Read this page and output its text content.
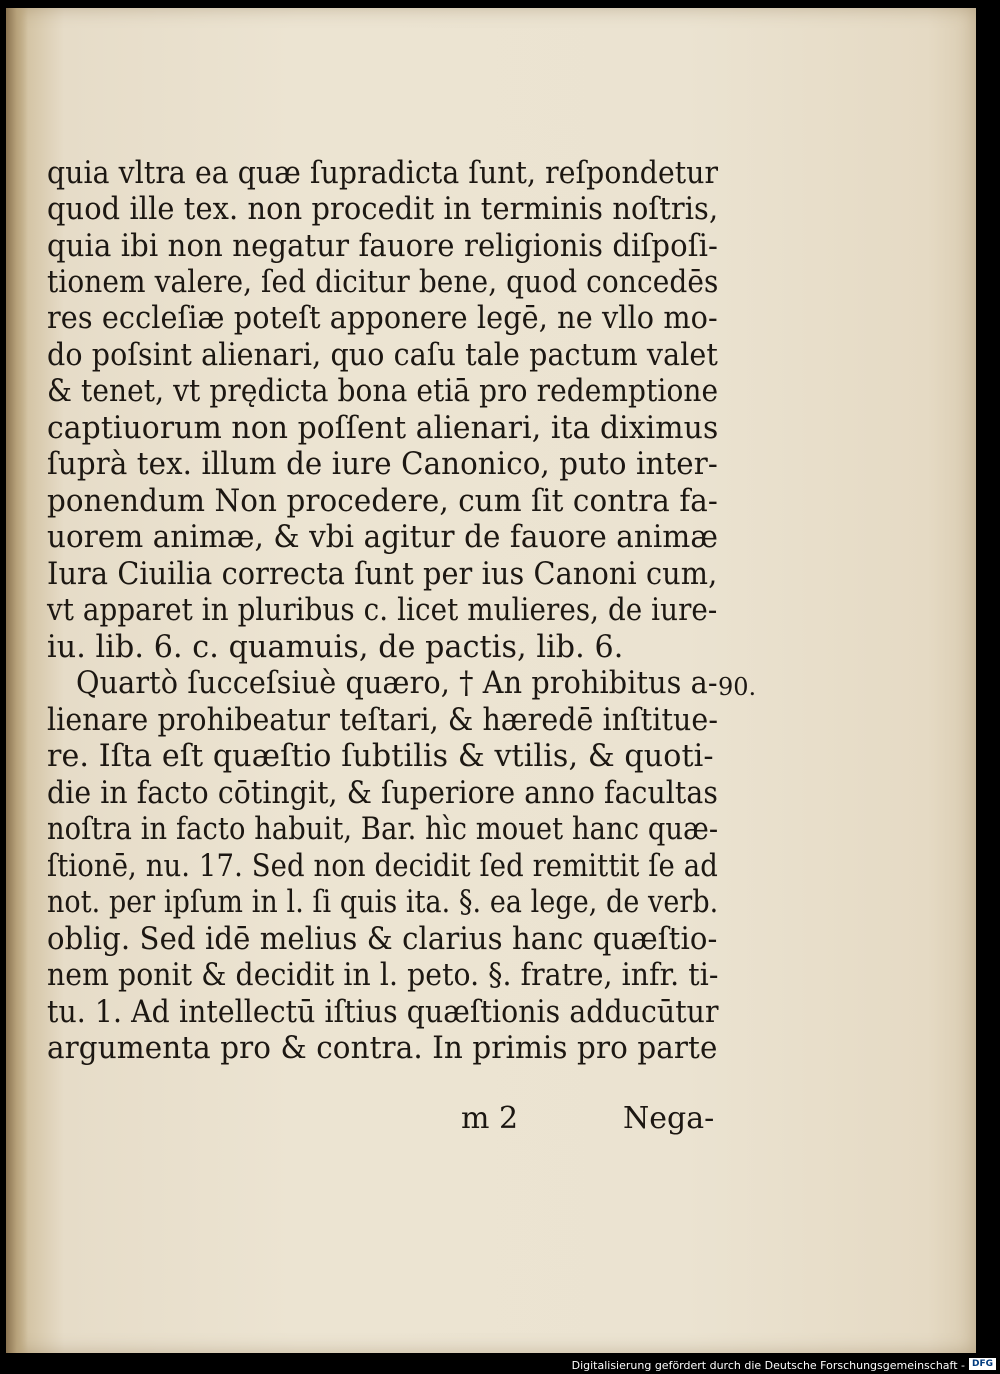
quia vltra ea quæ ſupradicta ſunt, reſpondetur
quod ille tex. non procedit in terminis noſtris,
quia ibi non negatur fauore religionis diſpoſi-
tionem valere, ſed dicitur bene, quod concedēs
res eccleſiæ poteſt apponere legē, ne vllo mo-
do poſsint alienari, quo caſu tale pactum valet
& tenet, vt prędicta bona etiā pro redemptione
captiuorum non poſſent alienari, ita diximus
ſuprà tex. illum de iure Canonico, puto inter-
ponendum Non procedere, cum ſit contra fa-
uorem animæ, & vbi agitur de fauore animæ
Iura Ciuilia correcta ſunt per ius Canoni cum,
vt apparet in pluribus c. licet mulieres, de iure-
iu. lib. 6. c. quamuis, de pactis, lib. 6.
Quartò ſucceſsiuè quæro, † An prohibitus a-
lienare prohibeatur teſtari, & hæredē inſtitue-
re. Iſta eſt quæſtio ſubtilis & vtilis, & quoti-
die in facto cōtingit, & ſuperiore anno facultas
noſtra in facto habuit, Bar. hìc mouet hanc quæ-
ſtionē, nu. 17. Sed non decidit ſed remittit ſe ad
not. per ipſum in l. ſi quis ita. §. ea lege, de verb.
oblig. Sed idē melius & clarius hanc quæſtio-
nem ponit & decidit in l. peto. §. fratre, infr. ti-
tu. 1. Ad intellectū iſtius quæſtionis adducūtur
argumenta pro & contra. In primis pro parte
90.
m 2	Nega-
Digitalisierung gefördert durch die Deutsche Forschungsgemeinschaft - DFG
